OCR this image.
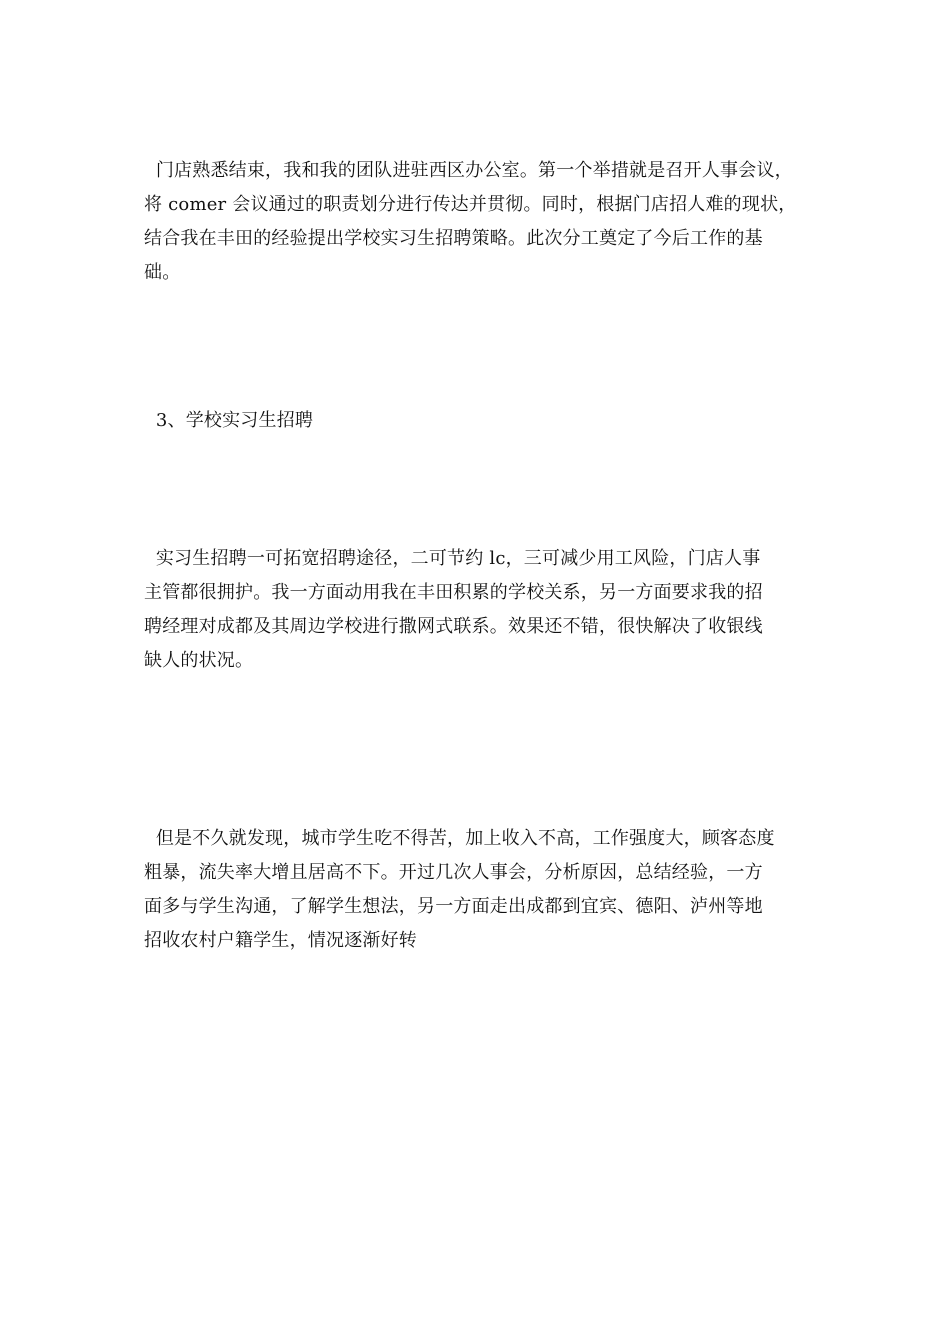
门店熟悉结束，我和我的团队进驻西区办公室。第一个举措就是召开人事会议，
将 comer 会议通过的职责划分进行传达并贯彻。同时，根据门店招人难的现状，
结合我在丰田的经验提出学校实习生招聘策略。此次分工奠定了今后工作的基
础。
3、学校实习生招聘
实习生招聘一可拓宽招聘途径，二可节约 lc，三可减少用工风险，门店人事
主管都很拥护。我一方面动用我在丰田积累的学校关系，另一方面要求我的招
聘经理对成都及其周边学校进行撒网式联系。效果还不错，很快解决了收银线
缺人的状况。
但是不久就发现，城市学生吃不得苦，加上收入不高，工作强度大，顾客态度
粗暴，流失率大增且居高不下。开过几次人事会，分析原因，总结经验，一方
面多与学生沟通，了解学生想法，另一方面走出成都到宜宾、德阳、泸州等地
招收农村户籍学生，情况逐渐好转
